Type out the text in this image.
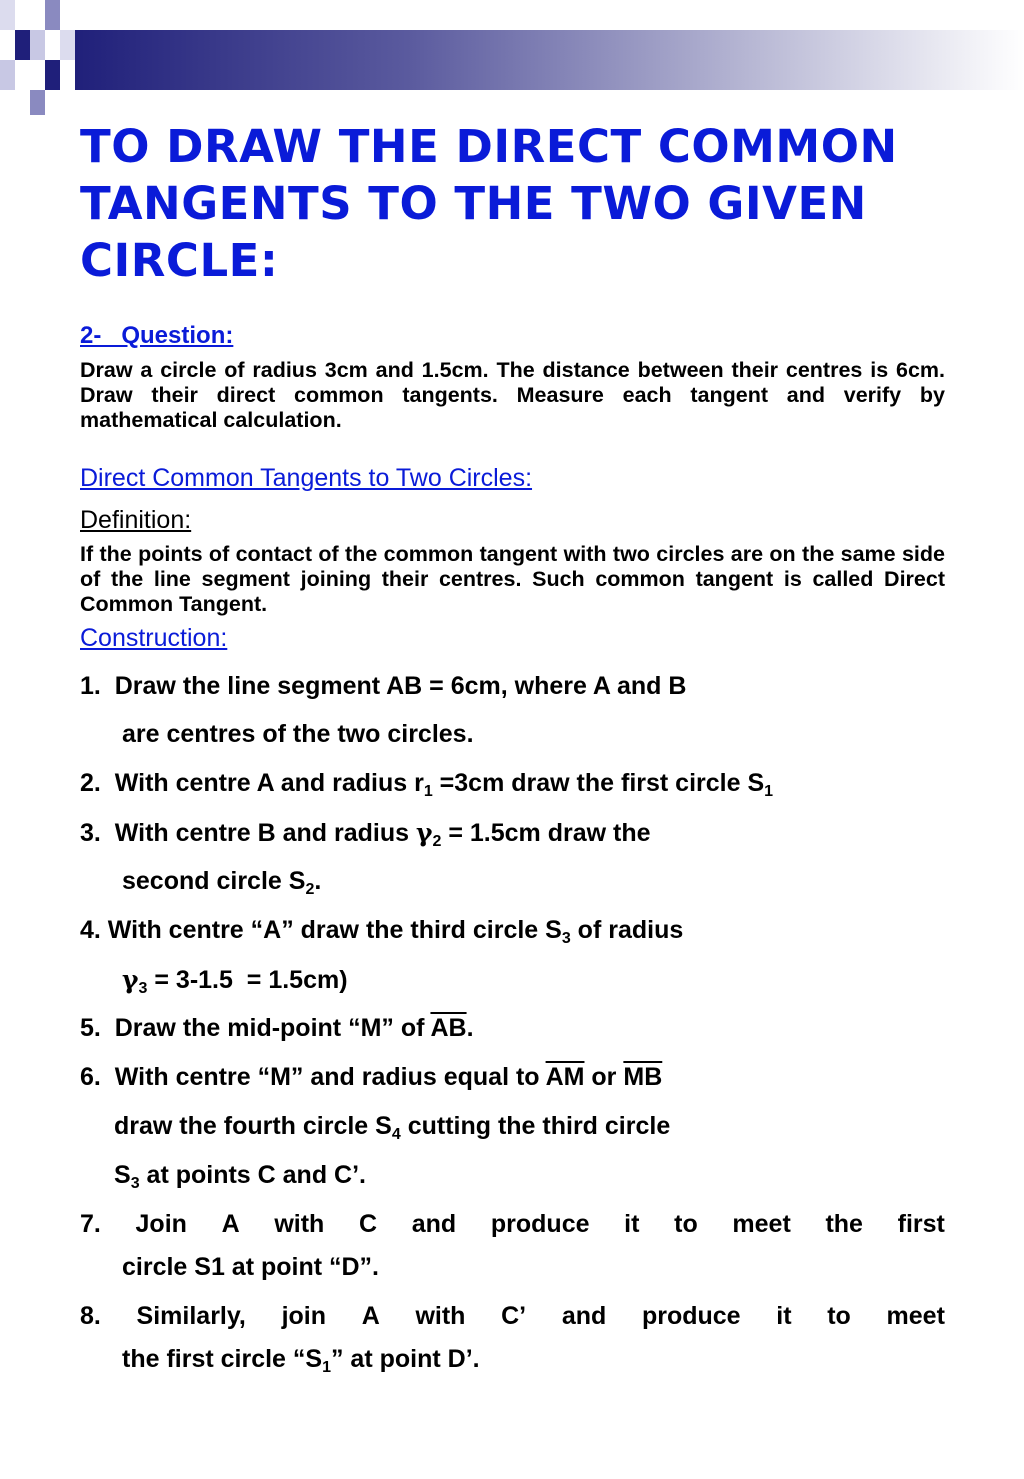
TO DRAW THE DIRECT COMMON TANGENTS TO THE TWO GIVEN CIRCLE:
2-   Question:
Draw a circle of radius 3cm and 1.5cm. The distance between their centres is 6cm. Draw their direct common tangents. Measure each tangent and verify by mathematical calculation.
Direct Common Tangents to Two Circles:
Definition:
If the points of contact of the common tangent with two circles are on the same side of the line segment joining their centres. Such common tangent is called Direct Common Tangent.
Construction:
1.  Draw the line segment AB = 6cm, where A and B
are centres of the two circles.
2.  With centre A and radius $r_1 =3cm$ draw the first circle $S_1$
3.  With centre B and radius $\gamma_2 = 1.5cm$ draw the
second circle $S_2$.
4. With centre “A” draw the third circle $S_3$ of radius
$\gamma_3 = 3-1.5 = 1.5cm$)
5.  Draw the mid-point “M” of $\overline{AB}$.
6.  With centre “M” and radius equal to $\overline{AM}$ or $\overline{MB}$
draw the fourth circle $S_4$ cutting the third circle
$S_3$ at points C and C’.
7. Join A with C and produce it to meet the first
circle S1 at point “D”.
8. Similarly, join A with C’ and produce it to meet
the first circle “$S_1$” at point D’.
